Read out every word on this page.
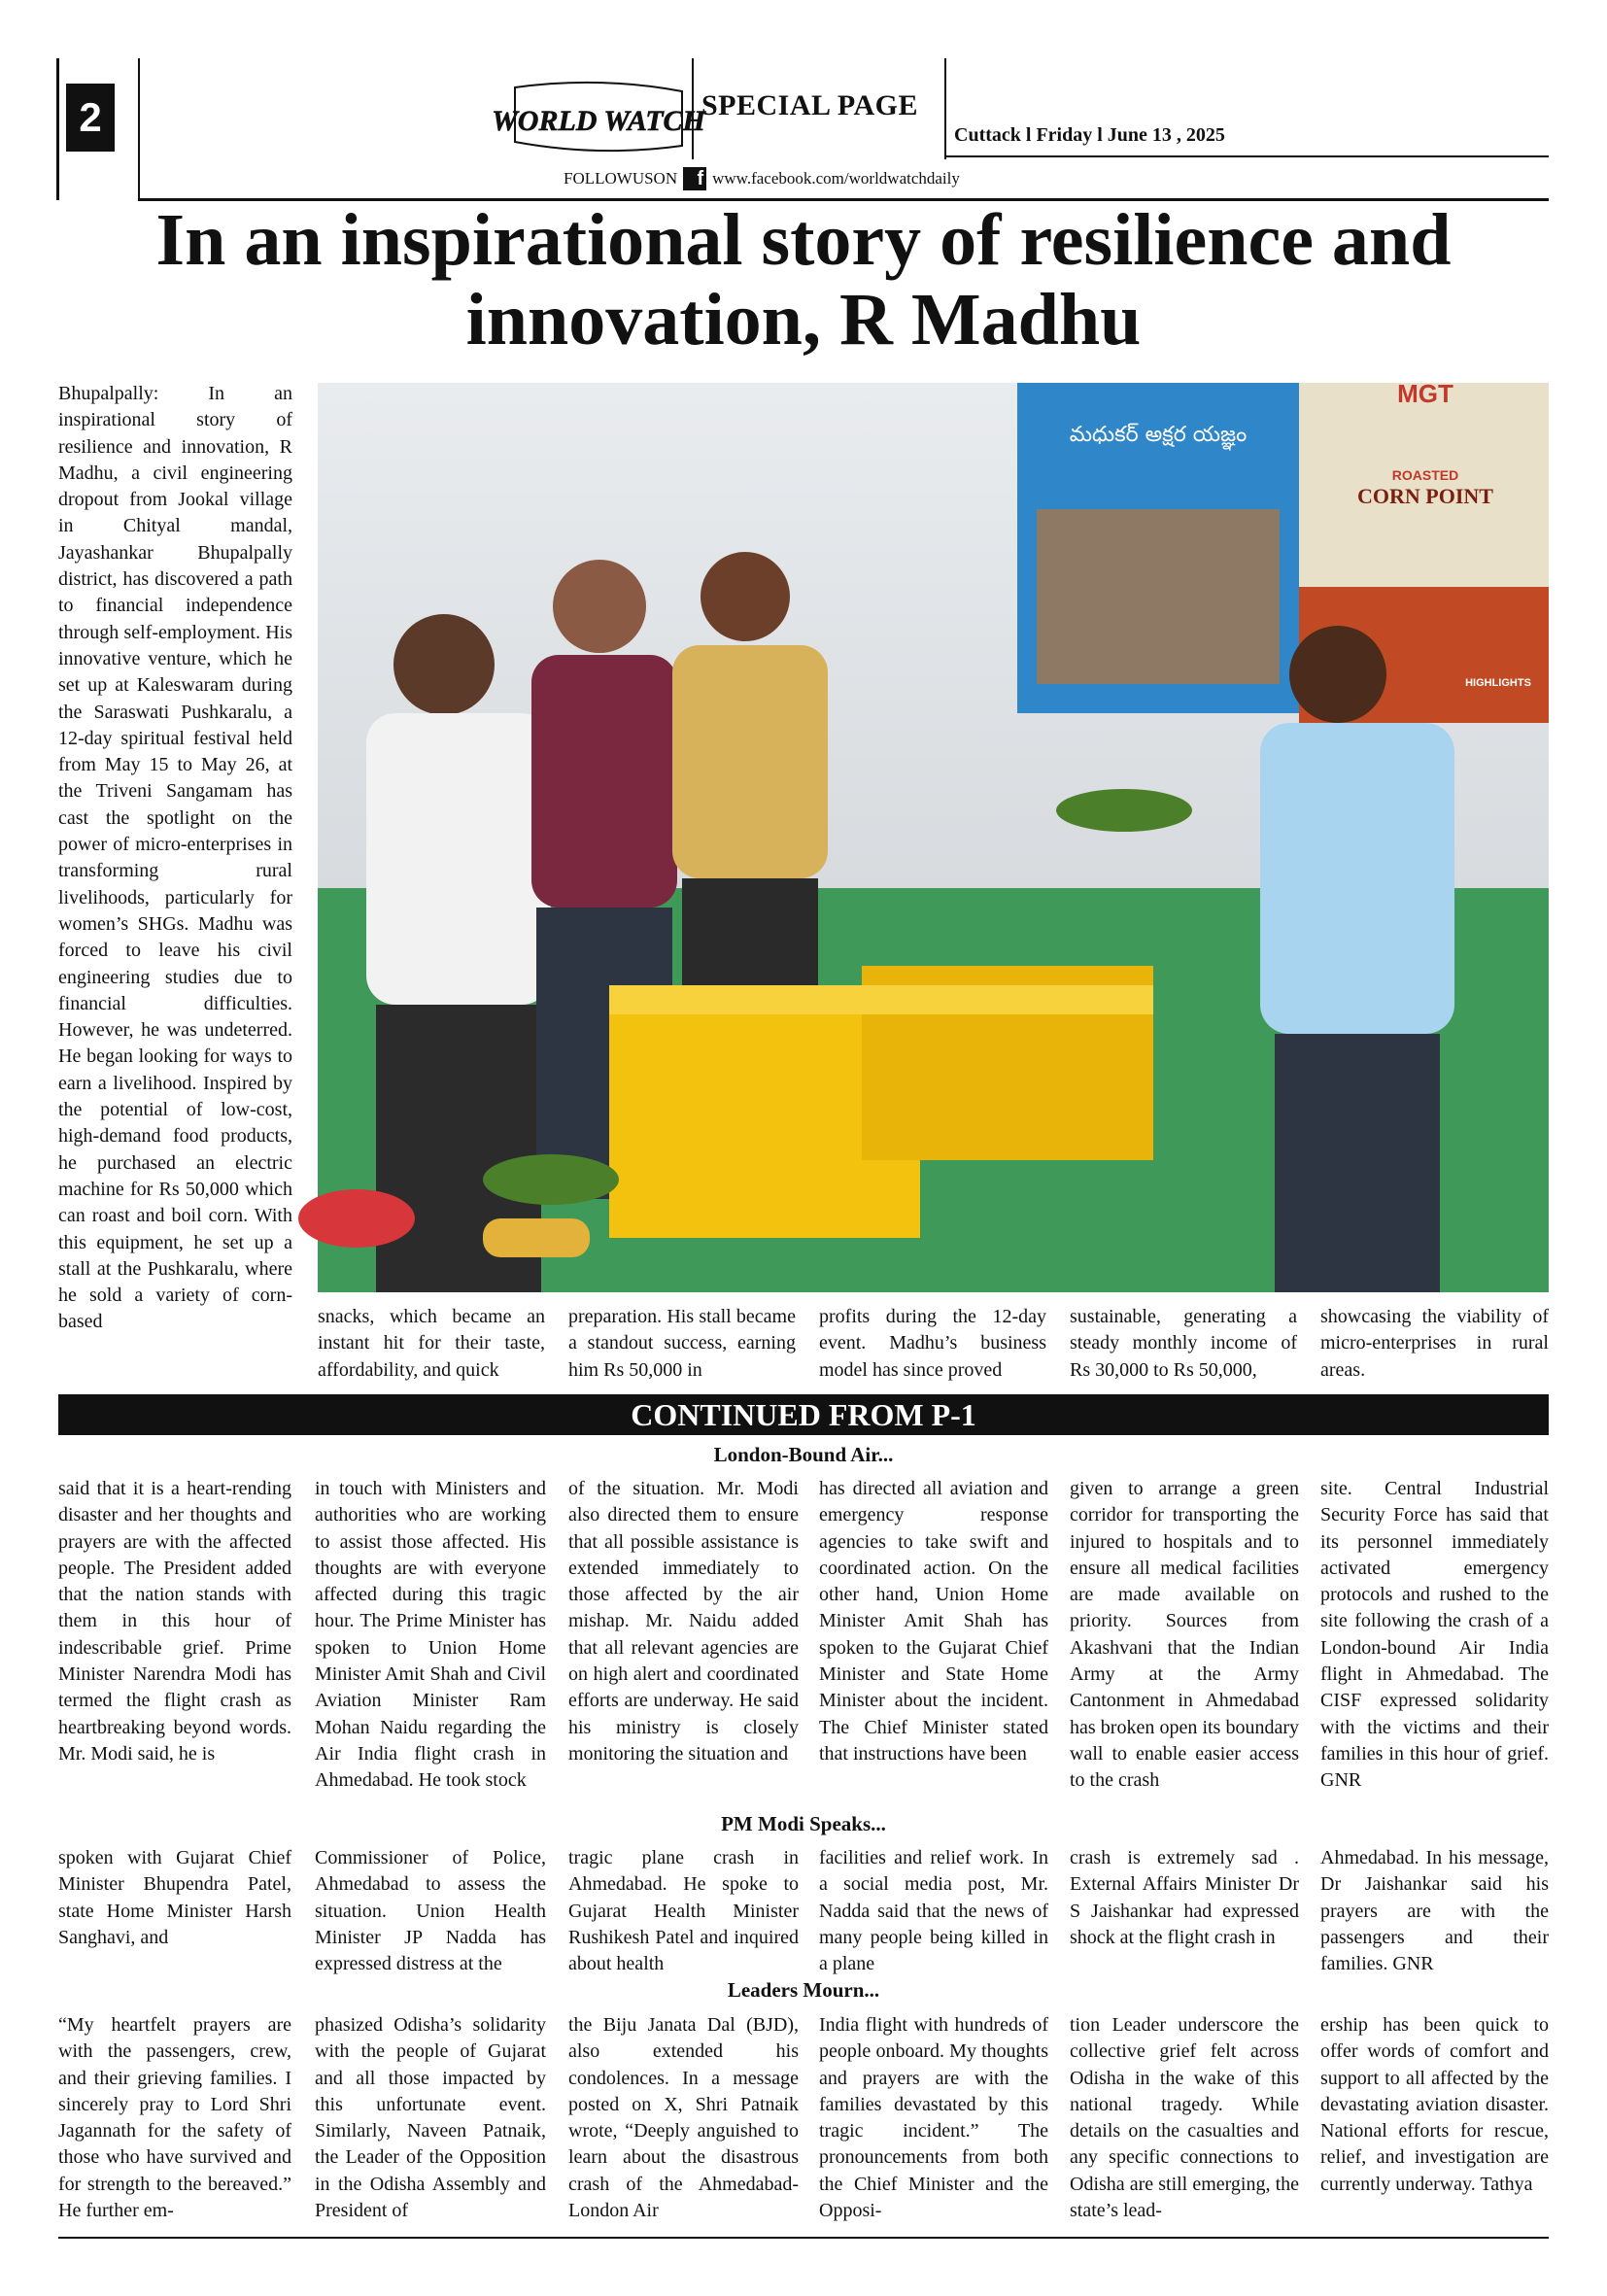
2	WORLD WATCH
SPECIAL PAGE
Cuttack l Friday l June 13 , 2025
FOLLOWUSON	f www.facebook.com/worldwatchdaily
In an inspirational story of resilience and innovation, R Madhu

Bhupalpally: In an inspirational story of resilience and innovation, R Madhu, a civil engineering dropout from Jookal village in Chityal mandal, Jayashankar Bhupalpally district, has discovered a path to financial independence through self-employment. His innovative venture, which he set up at Kaleswaram during the Saraswati Pushkaralu, a 12-day spiritual festival held from May 15 to May 26, at the Triveni Sangamam has cast the spotlight on the power of micro-enterprises in transforming rural livelihoods, particularly for women’s SHGs. Madhu was forced to leave his civil engineering studies due to financial difficulties. However, he was undeterred. He began looking for ways to earn a livelihood. Inspired by the potential of low-cost, high-demand food products, he purchased an electric machine for Rs 50,000 which can roast and boil corn. With this equipment, he set up a stall at the Pushkaralu, where he sold a variety of corn-based

మధుకర్ అక్షర యజ్ఞం
MGT
ROASTED
CORN POINT
HIGHLIGHTS

snacks, which became an instant hit for their taste, affordability, and quick

preparation. His stall became a standout success, earning him Rs 50,000 in

profits during the 12-day event. Madhu’s business model has since proved

sustainable, generating a steady monthly income of Rs 30,000 to Rs 50,000,

showcasing the viability of micro-enterprises in rural areas.

CONTINUED FROM P-1
London-Bound Air...

said that it is a heart-rending disaster and her thoughts and prayers are with the affected people. The President added that the nation stands with them in this hour of indescribable grief. Prime Minister Narendra Modi has termed the flight crash as heartbreaking beyond words. Mr. Modi said, he is

in touch with Ministers and authorities who are working to assist those affected. His thoughts are with everyone affected during this tragic hour. The Prime Minister has spoken to Union Home Minister Amit Shah and Civil Aviation Minister Ram Mohan Naidu regarding the Air India flight crash in Ahmedabad. He took stock

of the situation. Mr. Modi also directed them to ensure that all possible assistance is extended immediately to those affected by the air mishap. Mr. Naidu added that all relevant agencies are on high alert and coordinated efforts are underway. He said his ministry is closely monitoring the situation and

has directed all aviation and emergency response agencies to take swift and coordinated action. On the other hand, Union Home Minister Amit Shah has spoken to the Gujarat Chief Minister and State Home Minister about the incident. The Chief Minister stated that instructions have been

given to arrange a green corridor for transporting the injured to hospitals and to ensure all medical facilities are made available on priority. Sources from Akashvani that the Indian Army at the Army Cantonment in Ahmedabad has broken open its boundary wall to enable easier access to the crash

site. Central Industrial Security Force has said that its personnel immediately activated emergency protocols and rushed to the site following the crash of a London-bound Air India flight in Ahmedabad. The CISF expressed solidarity with the victims and their families in this hour of grief. GNR

PM Modi Speaks...

spoken with Gujarat Chief Minister Bhupendra Patel, state Home Minister Harsh Sanghavi, and

Commissioner of Police, Ahmedabad to assess the situation. Union Health Minister JP Nadda has expressed distress at the

tragic plane crash in Ahmedabad. He spoke to Gujarat Health Minister Rushikesh Patel and inquired about health

facilities and relief work. In a social media post, Mr. Nadda said that the news of many people being killed in a plane

crash is extremely sad . External Affairs Minister Dr S Jaishankar had expressed shock at the flight crash in

Ahmedabad. In his message, Dr Jaishankar said his prayers are with the passengers and their families. GNR

Leaders Mourn...

“My heartfelt prayers are with the passengers, crew, and their grieving families. I sincerely pray to Lord Shri Jagannath for the safety of those who have survived and for strength to the bereaved.” He further em-

phasized Odisha’s solidarity with the people of Gujarat and all those impacted by this unfortunate event. Similarly, Naveen Patnaik, the Leader of the Opposition in the Odisha Assembly and President of

the Biju Janata Dal (BJD), also extended his condolences. In a message posted on X, Shri Patnaik wrote, “Deeply anguished to learn about the disastrous crash of the Ahmedabad-London Air

India flight with hundreds of people onboard. My thoughts and prayers are with the families devastated by this tragic incident.” The pronouncements from both the Chief Minister and the Opposi-

tion Leader underscore the collective grief felt across Odisha in the wake of this national tragedy. While details on the casualties and any specific connections to Odisha are still emerging, the state’s lead-

ership has been quick to offer words of comfort and support to all affected by the devastating aviation disaster. National efforts for rescue, relief, and investigation are currently underway. Tathya
